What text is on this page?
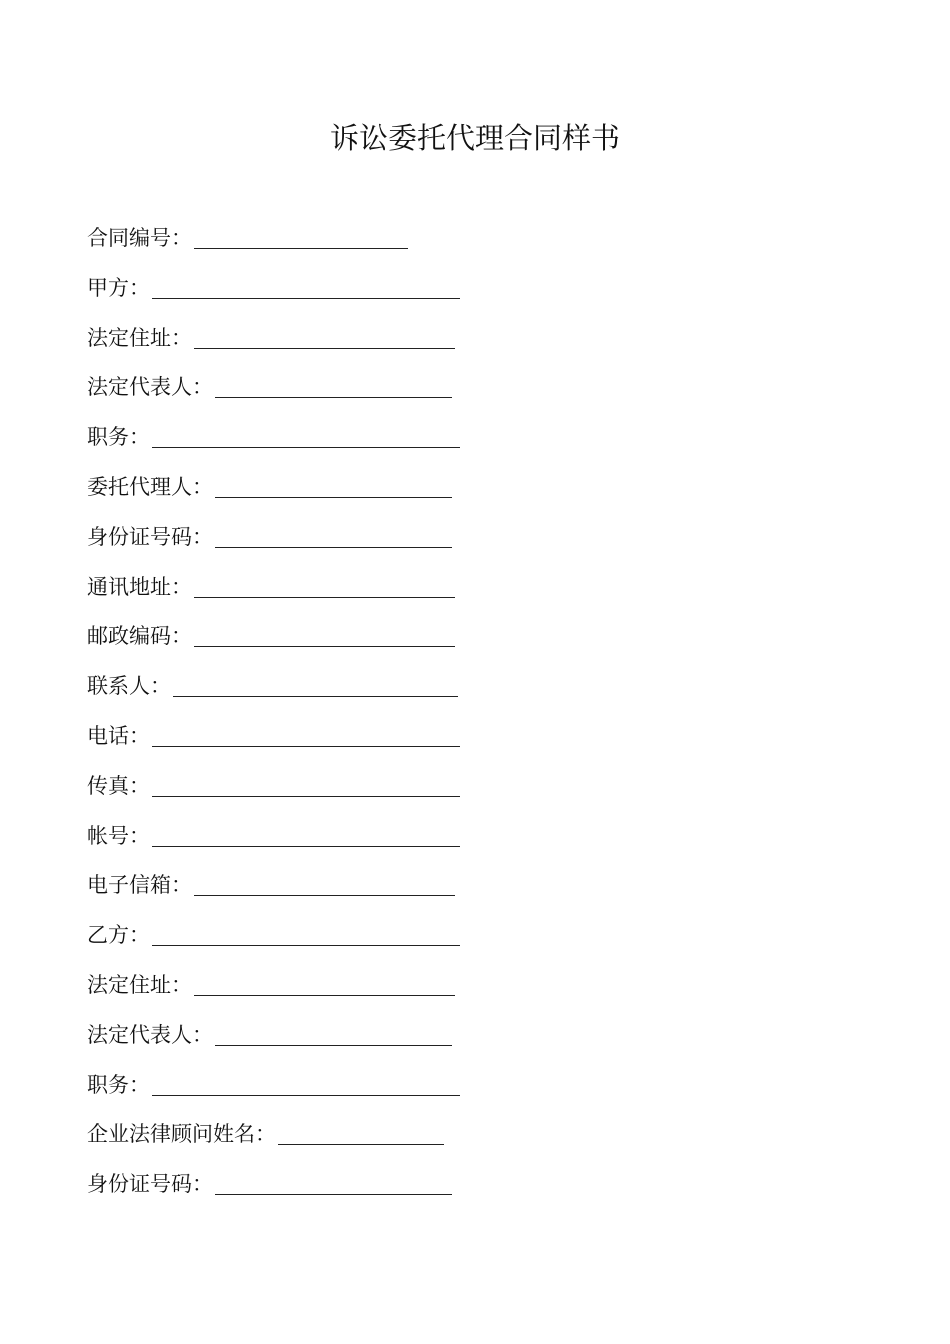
诉讼委托代理合同样书
合同编号：
甲方：
法定住址：
法定代表人：
职务：
委托代理人：
身份证号码：
通讯地址：
邮政编码：
联系人：
电话：
传真：
帐号：
电子信箱：
乙方：
法定住址：
法定代表人：
职务：
企业法律顾问姓名：
身份证号码：
